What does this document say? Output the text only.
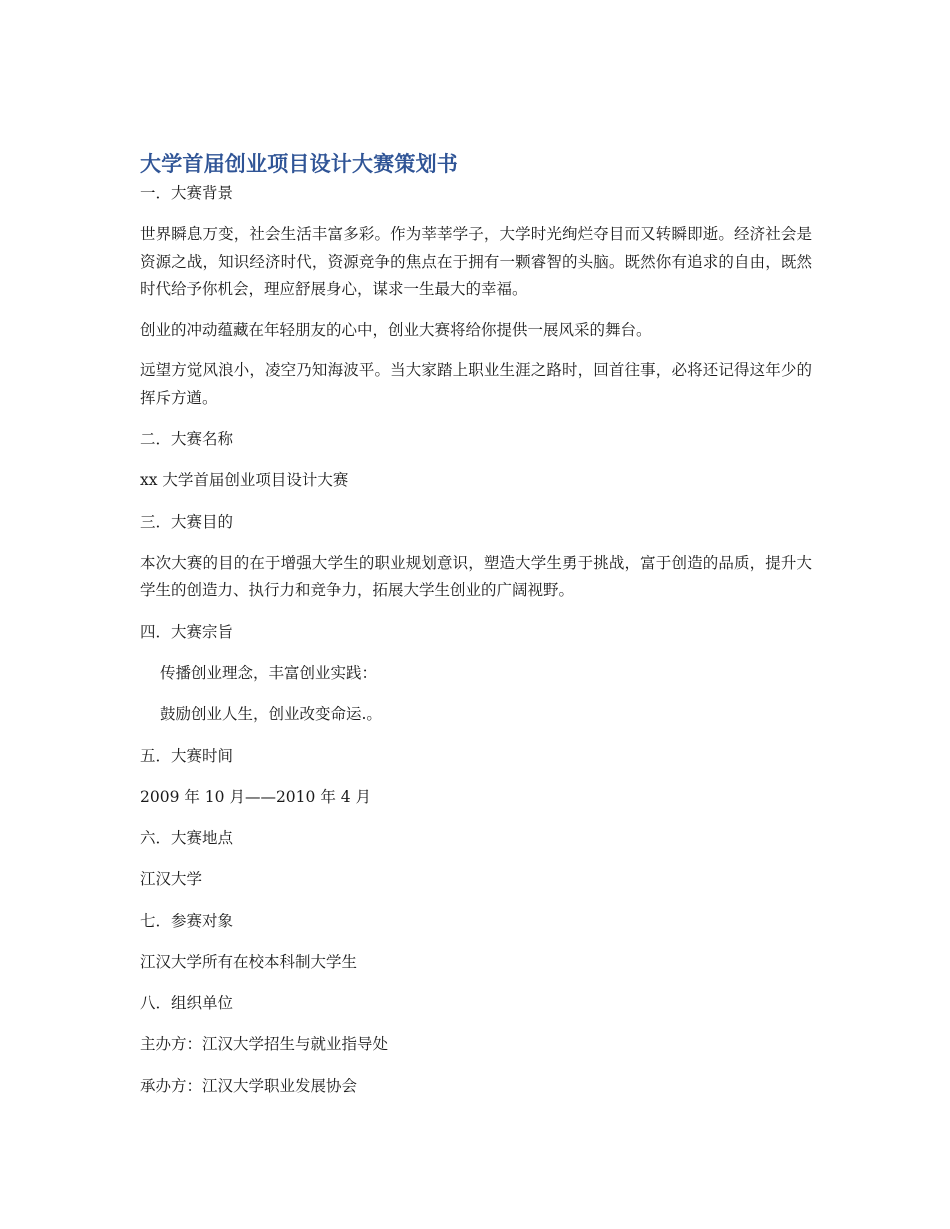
大学首届创业项目设计大赛策划书

一．大赛背景

世界瞬息万变，社会生活丰富多彩。作为莘莘学子，大学时光绚烂夺目而又转瞬即逝。经济社会是资源之战，知识经济时代，资源竞争的焦点在于拥有一颗睿智的头脑。既然你有追求的自由，既然时代给予你机会，理应舒展身心，谋求一生最大的幸福。

创业的冲动蕴藏在年轻朋友的心中，创业大赛将给你提供一展风采的舞台。

远望方觉风浪小，凌空乃知海波平。当大家踏上职业生涯之路时，回首往事，必将还记得这年少的挥斥方遒。

二．大赛名称

xx 大学首届创业项目设计大赛

三．大赛目的

本次大赛的目的在于增强大学生的职业规划意识，塑造大学生勇于挑战，富于创造的品质，提升大学生的创造力、执行力和竞争力，拓展大学生创业的广阔视野。

四．大赛宗旨

传播创业理念，丰富创业实践：

鼓励创业人生，创业改变命运.。

五．大赛时间

2009 年 10 月——2010 年 4 月

六．大赛地点

江汉大学

七．参赛对象

江汉大学所有在校本科制大学生

八．组织单位

主办方：江汉大学招生与就业指导处

承办方：江汉大学职业发展协会
